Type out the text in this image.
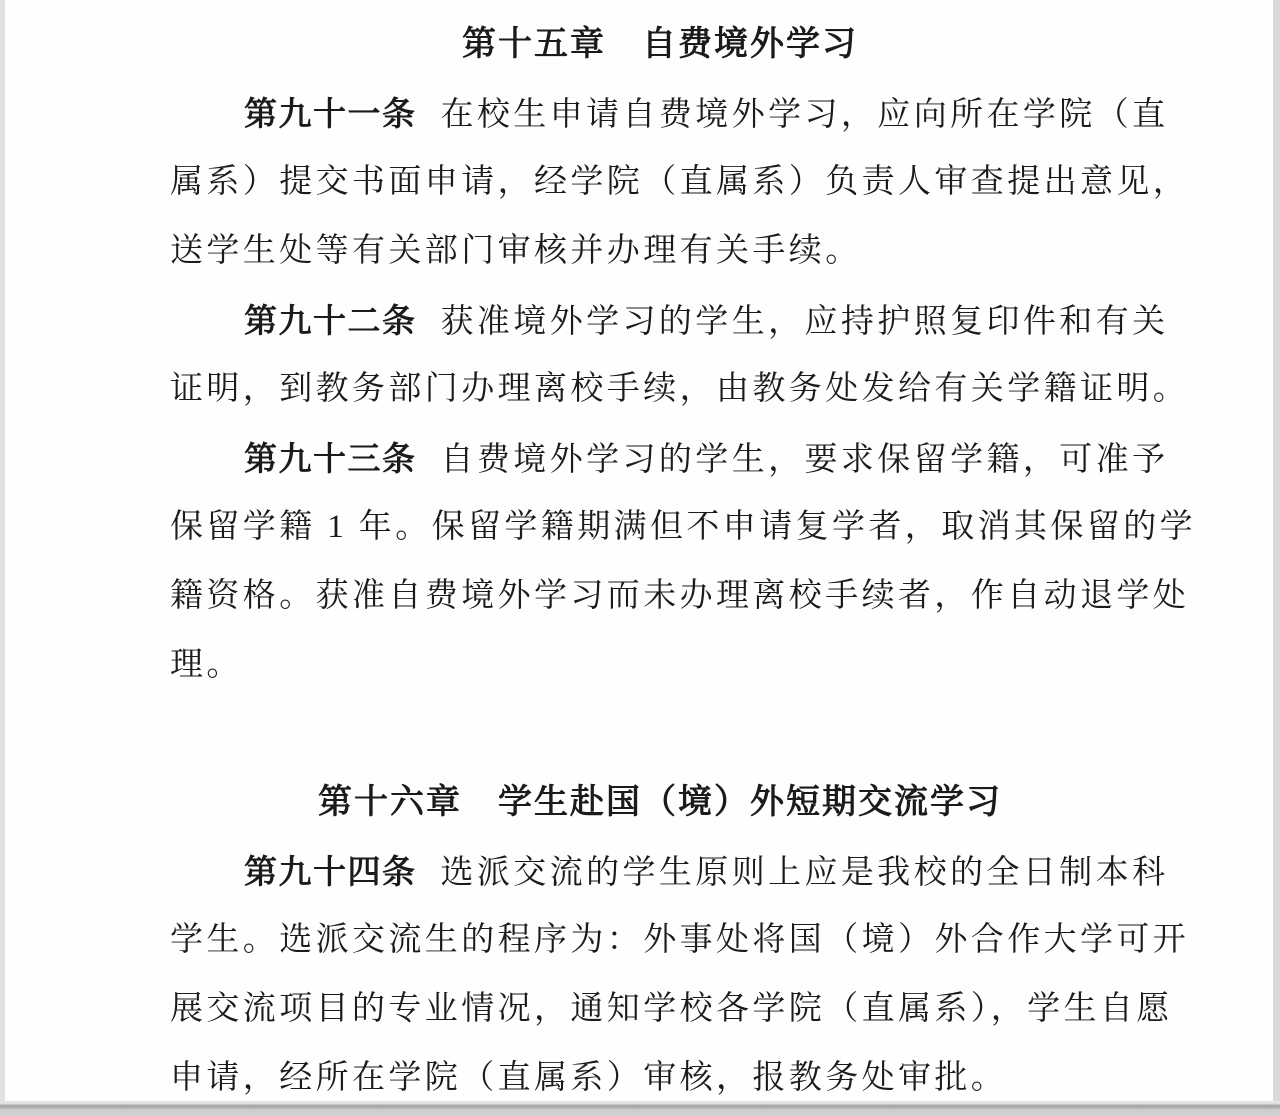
第十五章　自费境外学习
第九十一条 在校生申请自费境外学习，应向所在学院（直
属系）提交书面申请，经学院（直属系）负责人审查提出意见，
送学生处等有关部门审核并办理有关手续。
第九十二条 获准境外学习的学生，应持护照复印件和有关
证明，到教务部门办理离校手续，由教务处发给有关学籍证明。
第九十三条 自费境外学习的学生，要求保留学籍，可准予
保留学籍 1 年。保留学籍期满但不申请复学者，取消其保留的学
籍资格。获准自费境外学习而未办理离校手续者，作自动退学处
理。
第十六章　学生赴国（境）外短期交流学习
第九十四条 选派交流的学生原则上应是我校的全日制本科
学生。选派交流生的程序为：外事处将国（境）外合作大学可开
展交流项目的专业情况，通知学校各学院（直属系），学生自愿
申请，经所在学院（直属系）审核，报教务处审批。
